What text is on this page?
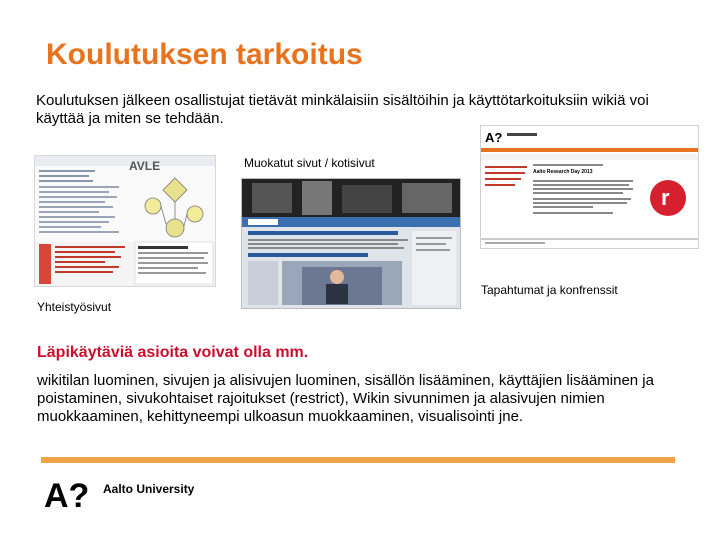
Koulutuksen tarkoitus
Koulutuksen jälkeen osallistujat tietävät minkälaisiin sisältöihin ja käyttötarkoituksiin wikiä voi käyttää ja miten se tehdään.
AVLE	Muokatut sivut / kotisivut
A?
r
Aalto Research Day 2013
Tapahtumat ja konfrenssit
Yhteistyösivut
Läpikäytäviä asioita voivat olla mm.
wikitilan luominen, sivujen ja alisivujen luominen, sisällön lisääminen, käyttäjien lisääminen ja poistaminen, sivukohtaiset rajoitukset (restrict), Wikin sivunnimen ja alasivujen nimien muokkaaminen, kehittyneempi ulkoasun muokkaaminen, visualisointi jne.
A? Aalto University
